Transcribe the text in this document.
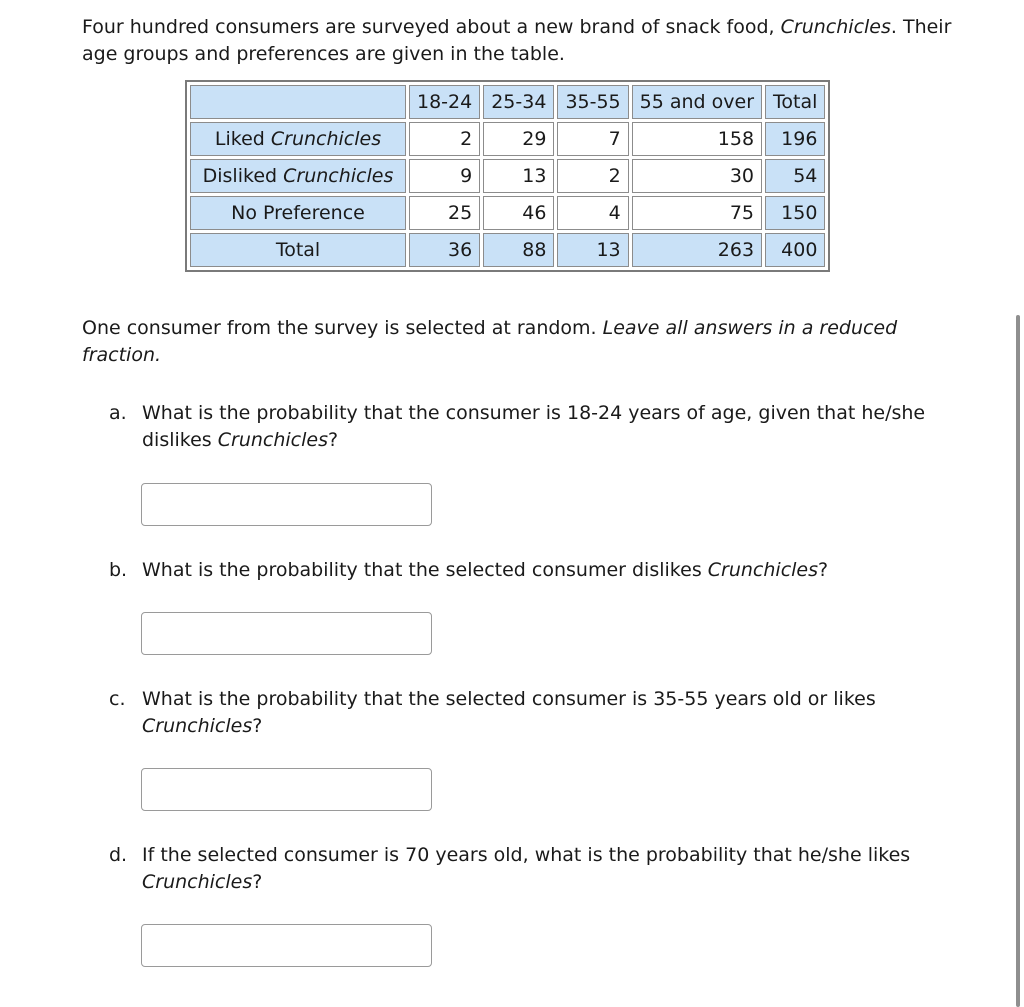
Four hundred consumers are surveyed about a new brand of snack food, Crunchicles. Their age groups and preferences are given in the table.

	18-24	25-34	35-55	55 and over	Total
Liked Crunchicles	2	29	7	158	196
Disliked Crunchicles	9	13	2	30	54
No Preference	25	46	4	75	150
Total	36	88	13	263	400

One consumer from the survey is selected at random. Leave all answers in a reduced fraction.

a. What is the probability that the consumer is 18-24 years of age, given that he/she dislikes Crunchicles?
b. What is the probability that the selected consumer dislikes Crunchicles?
c. What is the probability that the selected consumer is 35-55 years old or likes Crunchicles?
d. If the selected consumer is 70 years old, what is the probability that he/she likes Crunchicles?
